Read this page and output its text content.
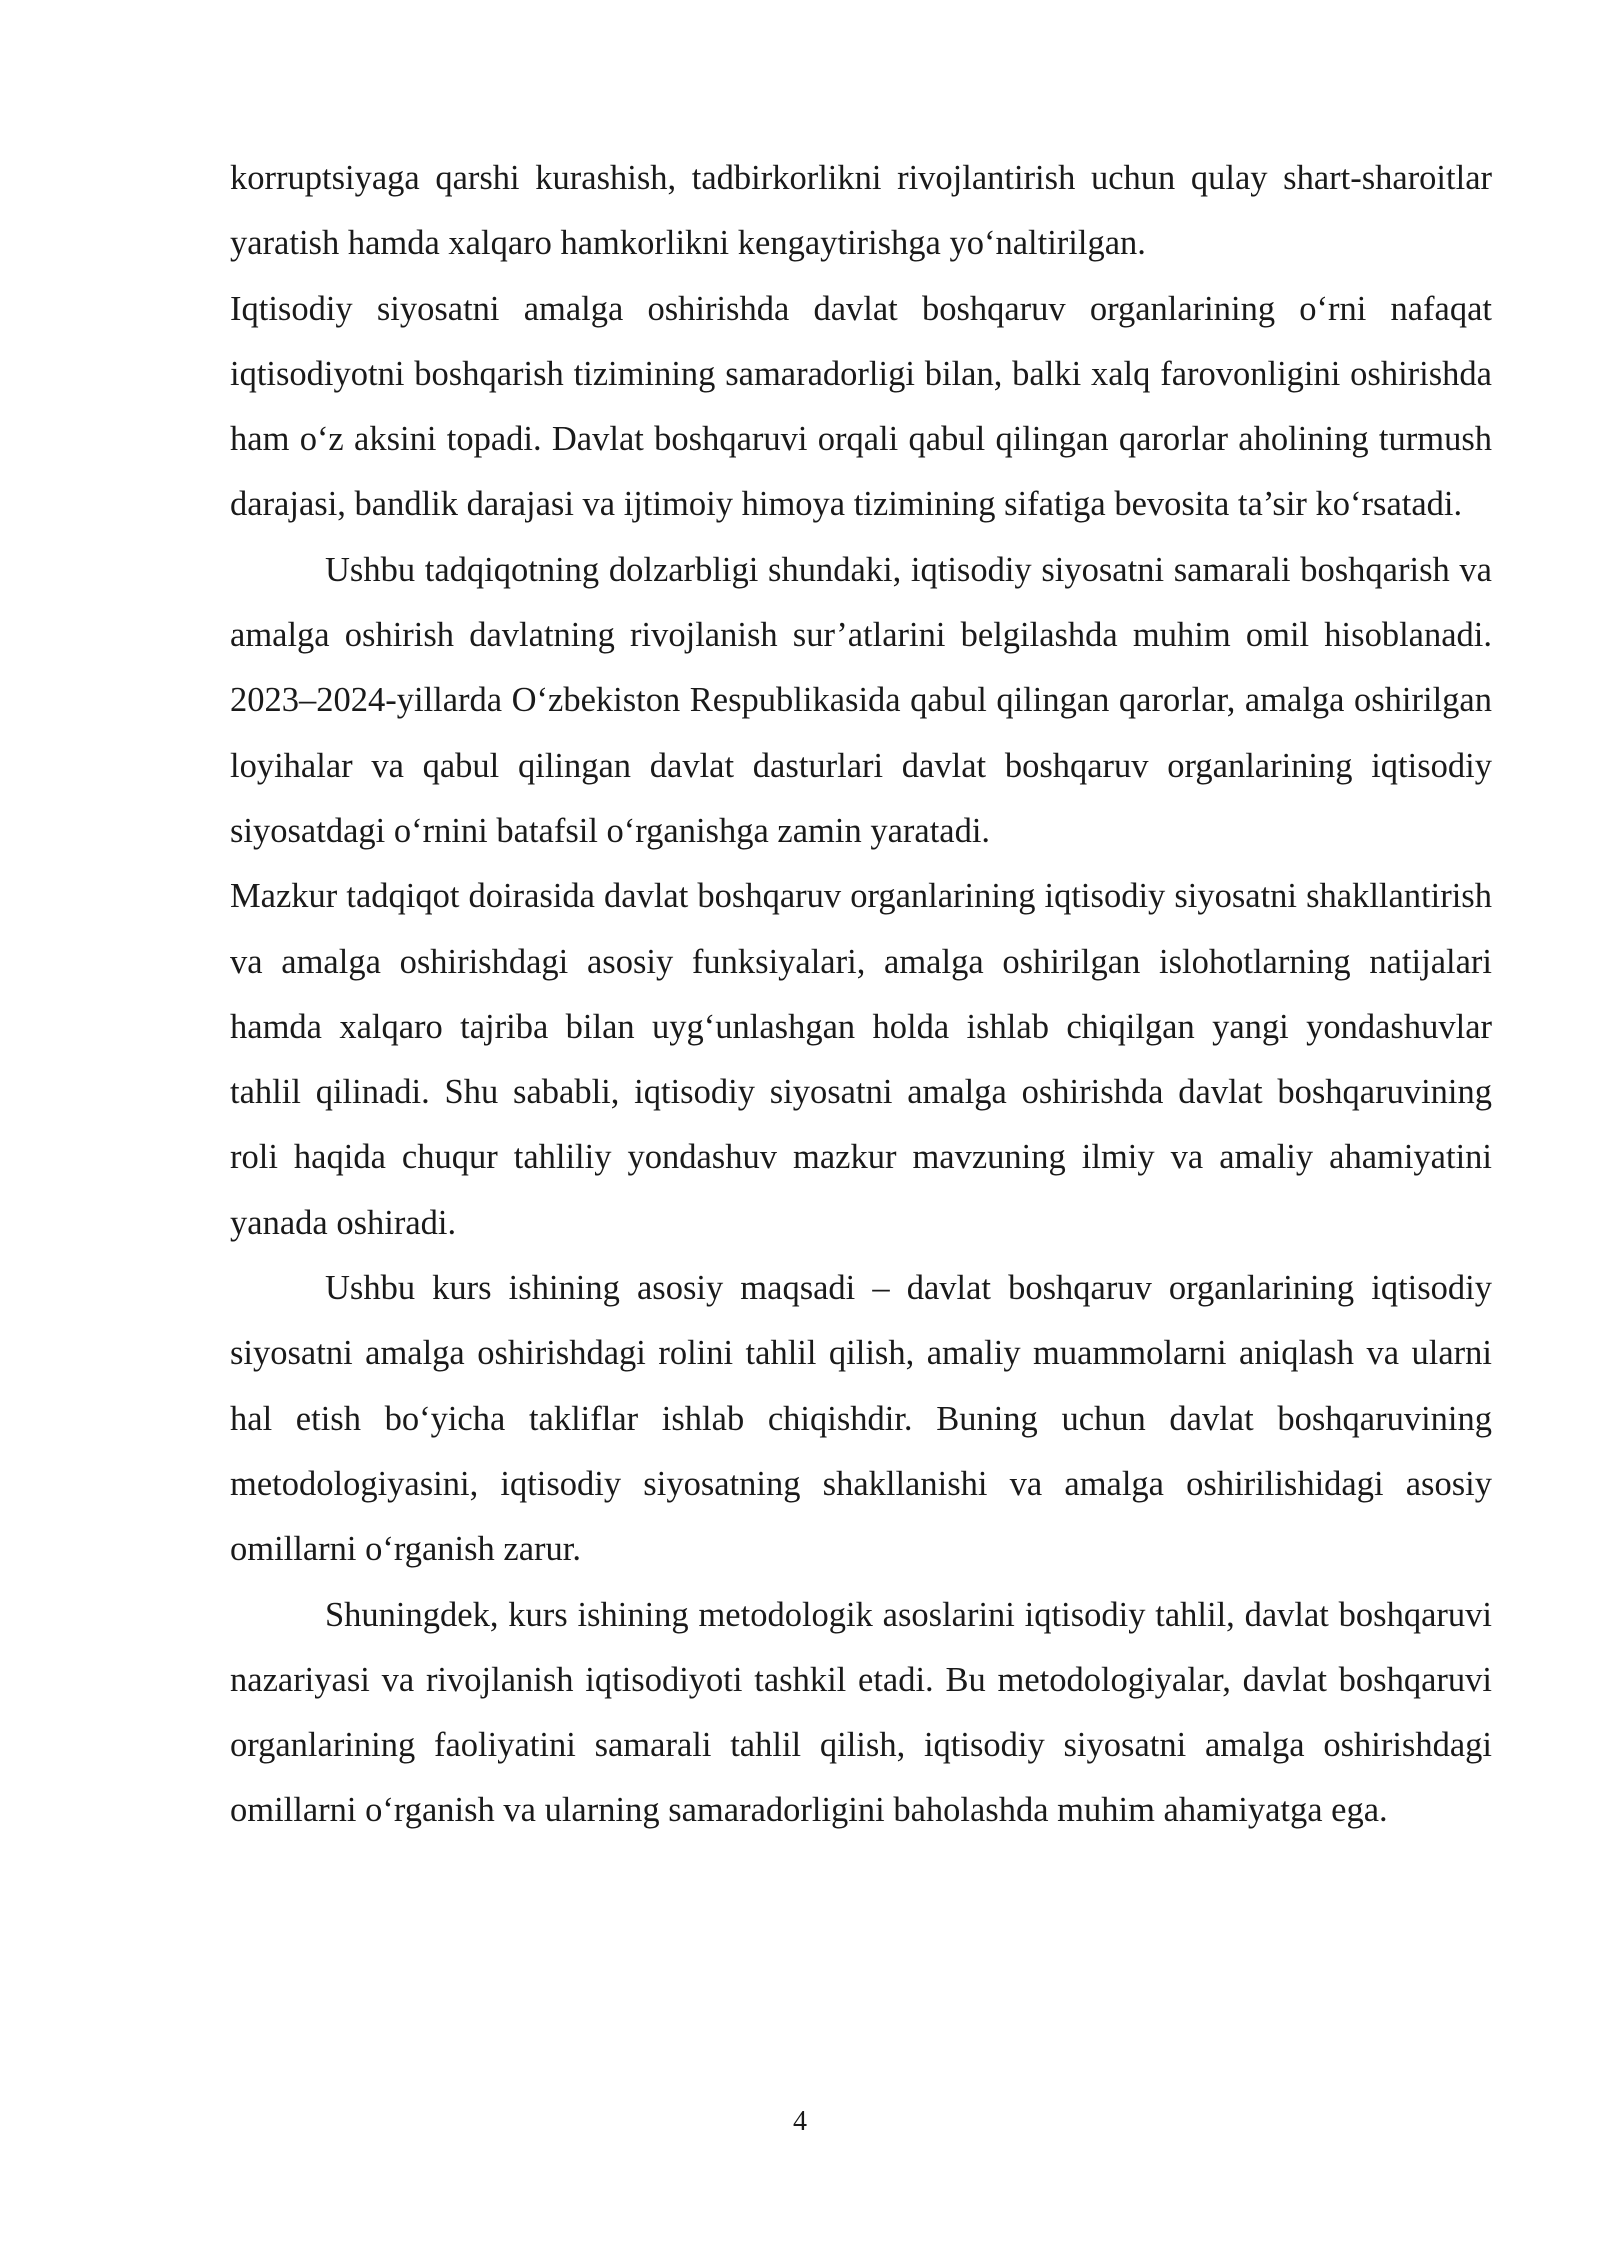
korruptsiyaga qarshi kurashish, tadbirkorlikni rivojlantirish uchun qulay shart-sharoitlar yaratish hamda xalqaro hamkorlikni kengaytirishga yo‘naltirilgan.

Iqtisodiy siyosatni amalga oshirishda davlat boshqaruv organlarining o‘rni nafaqat iqtisodiyotni boshqarish tizimining samaradorligi bilan, balki xalq farovonligini oshirishda ham o‘z aksini topadi. Davlat boshqaruvi orqali qabul qilingan qarorlar aholining turmush darajasi, bandlik darajasi va ijtimoiy himoya tizimining sifatiga bevosita ta’sir ko‘rsatadi.

Ushbu tadqiqotning dolzarbligi shundaki, iqtisodiy siyosatni samarali boshqarish va amalga oshirish davlatning rivojlanish sur’atlarini belgilashda muhim omil hisoblanadi. 2023–2024-yillarda O‘zbekiston Respublikasida qabul qilingan qarorlar, amalga oshirilgan loyihalar va qabul qilingan davlat dasturlari davlat boshqaruv organlarining iqtisodiy siyosatdagi o‘rnini batafsil o‘rganishga zamin yaratadi.

Mazkur tadqiqot doirasida davlat boshqaruv organlarining iqtisodiy siyosatni shakllantirish va amalga oshirishdagi asosiy funksiyalari, amalga oshirilgan islohotlarning natijalari hamda xalqaro tajriba bilan uyg‘unlashgan holda ishlab chiqilgan yangi yondashuvlar tahlil qilinadi. Shu sababli, iqtisodiy siyosatni amalga oshirishda davlat boshqaruvining roli haqida chuqur tahliliy yondashuv mazkur mavzuning ilmiy va amaliy ahamiyatini yanada oshiradi.

Ushbu kurs ishining asosiy maqsadi – davlat boshqaruv organlarining iqtisodiy siyosatni amalga oshirishdagi rolini tahlil qilish, amaliy muammolarni aniqlash va ularni hal etish bo‘yicha takliflar ishlab chiqishdir. Buning uchun davlat boshqaruvining metodologiyasini, iqtisodiy siyosatning shakllanishi va amalga oshirilishidagi asosiy omillarni o‘rganish zarur.

Shuningdek, kurs ishining metodologik asoslarini iqtisodiy tahlil, davlat boshqaruvi nazariyasi va rivojlanish iqtisodiyoti tashkil etadi. Bu metodologiyalar, davlat boshqaruvi organlarining faoliyatini samarali tahlil qilish, iqtisodiy siyosatni amalga oshirishdagi omillarni o‘rganish va ularning samaradorligini baholashda muhim ahamiyatga ega.

4
